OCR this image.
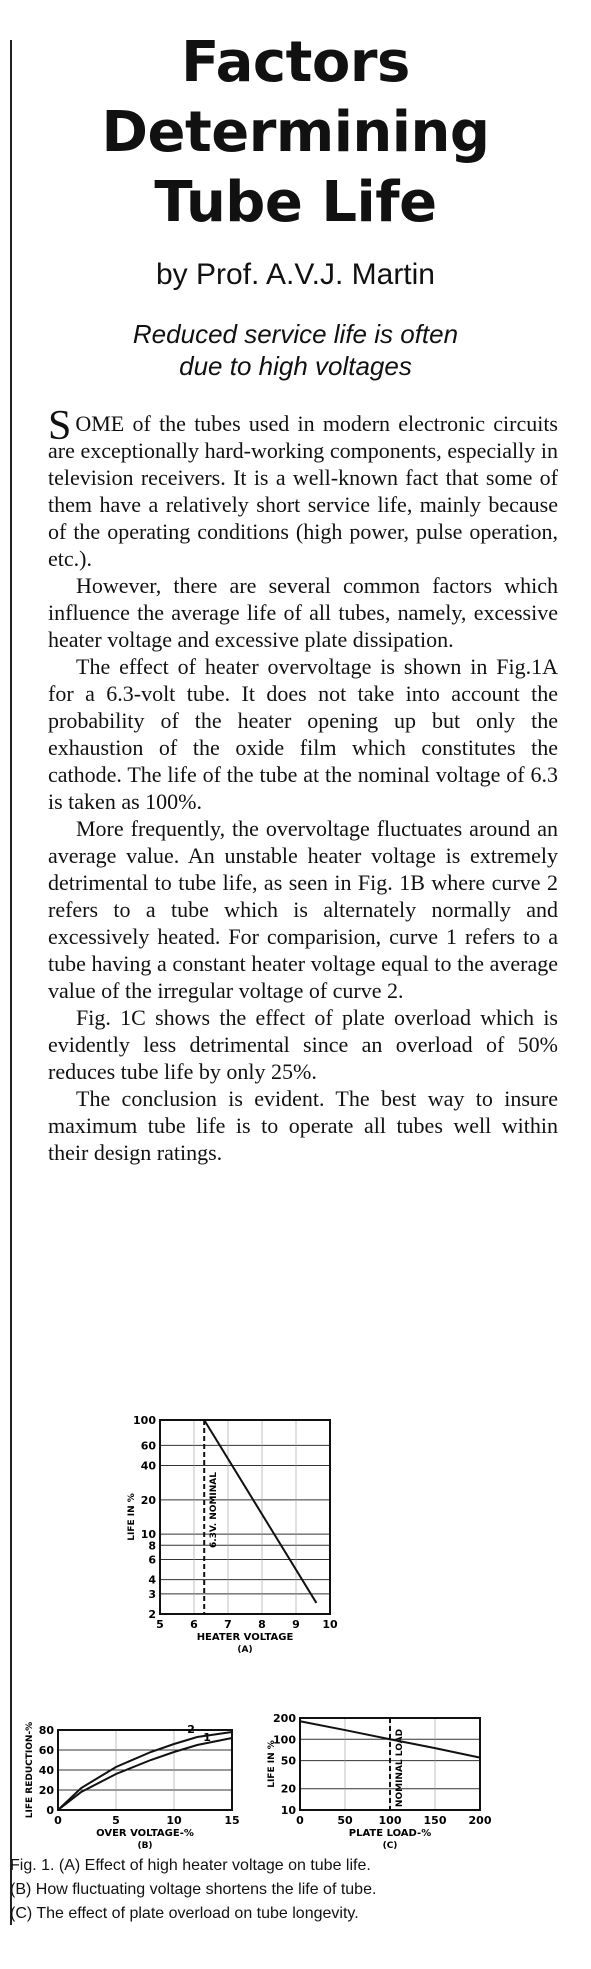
Factors
Determining
Tube Life
by Prof. A.V.J. Martin
Reduced service life is often
due to high voltages

SOME of the tubes used in modern electronic circuits are exceptionally hard-working components, especially in television receivers. It is a well-known fact that some of them have a relatively short service life, mainly because of the operating conditions (high power, pulse operation, etc.).

However, there are several common factors which influence the average life of all tubes, namely, excessive heater voltage and excessive plate dissipation.

The effect of heater overvoltage is shown in Fig.1A for a 6.3-volt tube. It does not take into account the probability of the heater opening up but only the exhaustion of the oxide film which constitutes the cathode. The life of the tube at the nominal voltage of 6.3 is taken as 100%.

More frequently, the overvoltage fluctuates around an average value. An unstable heater voltage is extremely detrimental to tube life, as seen in Fig. 1B where curve 2 refers to a tube which is alternately normally and excessively heated. For comparision, curve 1 refers to a tube having a constant heater voltage equal to the average value of the irregular voltage of curve 2.

Fig. 1C shows the effect of plate overload which is evidently less detrimental since an overload of 50% reduces tube life by only 25%.

The conclusion is evident. The best way to insure maximum tube life is to operate all tubes well within their design ratings.

2
3
4
6
8
10
20
40
60
100
5 6 7 8 9 10
HEATER VOLTAGE
LIFE IN %
(A)
6.3V. NOMINAL
0
20
40
60
80
0	5	10	15
OVER VOLTAGE-%
LIFE REDUCTION-%
(B)
1
2
10
20
50
100
200
0	50 100 150 200
PLATE LOAD-%
LIFE IN %
(C)
NOMINAL LOAD
Fig. 1. (A) Effect of high heater voltage on tube life.
(B) How fluctuating voltage shortens the life of tube.
(C) The effect of plate overload on tube longevity.
